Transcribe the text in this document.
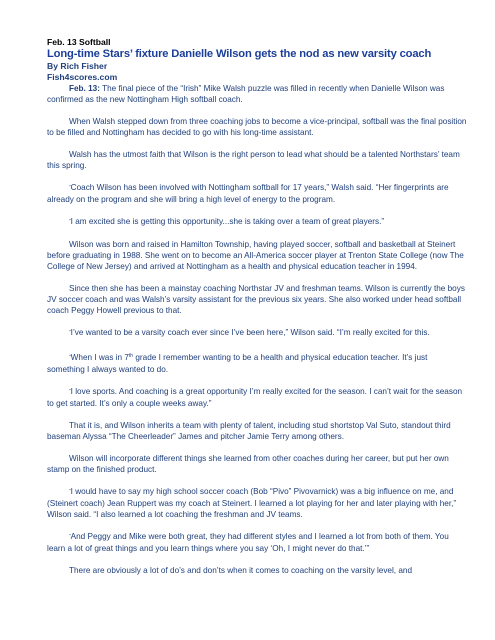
Feb. 13 Softball
Long-time Stars’ fixture Danielle Wilson gets the nod as new varsity coach
By Rich Fisher
Fish4scores.com

Feb. 13: The final piece of the “Irish” Mike Walsh puzzle was filled in recently when Danielle Wilson was confirmed as the new Nottingham High softball coach.

When Walsh stepped down from three coaching jobs to become a vice-principal, softball was the final position to be filled and Nottingham has decided to go with his long-time assistant.

Walsh has the utmost faith that Wilson is the right person to lead what should be a talented Northstars’ team this spring.

“Coach Wilson has been involved with Nottingham softball for 17 years,” Walsh said. “Her fingerprints are already on the program and she will bring a high level of energy to the program.

“I am excited she is getting this opportunity...she is taking over a team of great players.”

Wilson was born and raised in Hamilton Township, having played soccer, softball and basketball at Steinert before graduating in 1988. She went on to become an All-America soccer player at Trenton State College (now The College of New Jersey) and arrived at Nottingham as a health and physical education teacher in 1994.

Since then she has been a mainstay coaching Northstar JV and freshman teams. Wilson is currently the boys JV soccer coach and was Walsh’s varsity assistant for the previous six years. She also worked under head softball coach Peggy Howell previous to that.

“I’ve wanted to be a varsity coach ever since I’ve been here,” Wilson said. “I’m really excited for this.

“When I was in 7th grade I remember wanting to be a health and physical education teacher. It’s just something I always wanted to do.

“I love sports. And coaching is a great opportunity I’m really excited for the season. I can’t wait for the season to get started. It’s only a couple weeks away.”

That it is, and Wilson inherits a team with plenty of talent, including stud shortstop Val Suto, standout third baseman Alyssa “The Cheerleader” James and pitcher Jamie Terry among others.

Wilson will incorporate different things she learned from other coaches during her career, but put her own stamp on the finished product.

“I would have to say my high school soccer coach (Bob “Pivo” Pivovarnick) was a big influence on me, and (Steinert coach) Jean Ruppert was my coach at Steinert. I learned a lot playing for her and later playing with her,” Wilson said. “I also learned a lot coaching the freshman and JV teams.

“And Peggy and Mike were both great, they had different styles and I learned a lot from both of them. You learn a lot of great things and you learn things where you say ‘Oh, I might never do that.’”

There are obviously a lot of do’s and don’ts when it comes to coaching on the varsity level, and
